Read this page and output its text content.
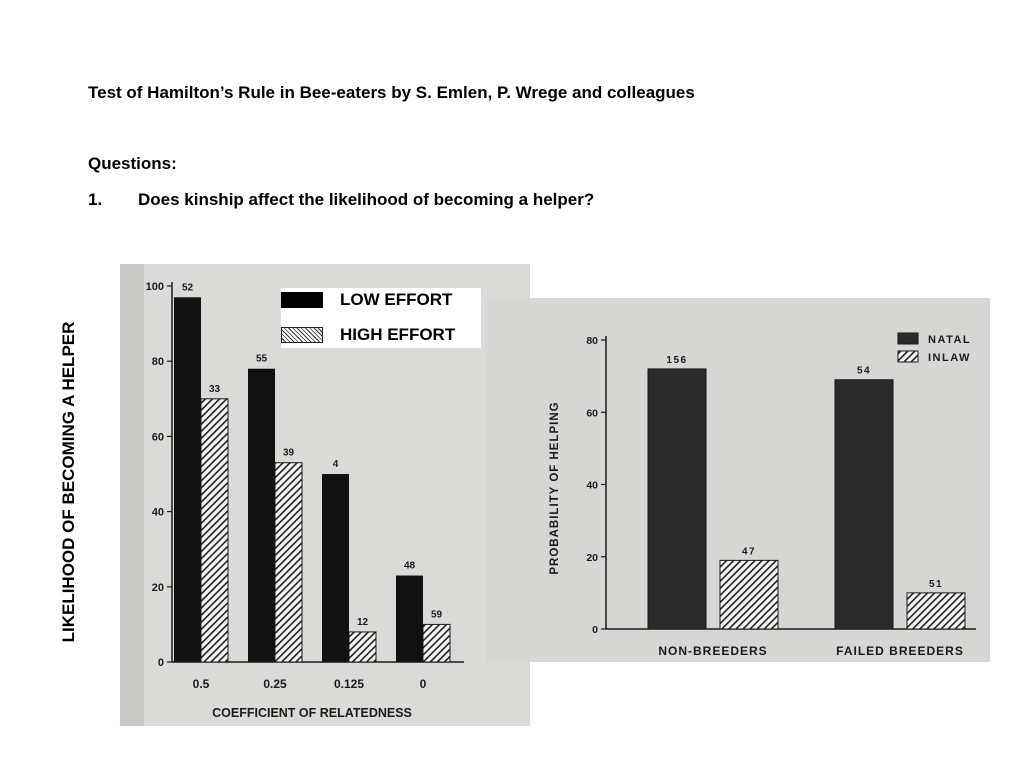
Test of Hamilton’s Rule in Bee-eaters by S. Emlen, P. Wrege and colleagues
Questions:
1. Does kinship affect the likelihood of becoming a helper?
LIKELIHOOD OF BECOMING A HELPER
0
20
40
60
80
100 52
33
0.5
55
39
0.25
4
12
0.125
48
59
0
COEFFICIENT OF RELATEDNESS
0
20
40
60
80
PROBABILITY OF HELPING
156
47
NON-BREEDERS
54
51
FAILED BREEDERS
NATAL
INLAW
LOW EFFORT
HIGH EFFORT
